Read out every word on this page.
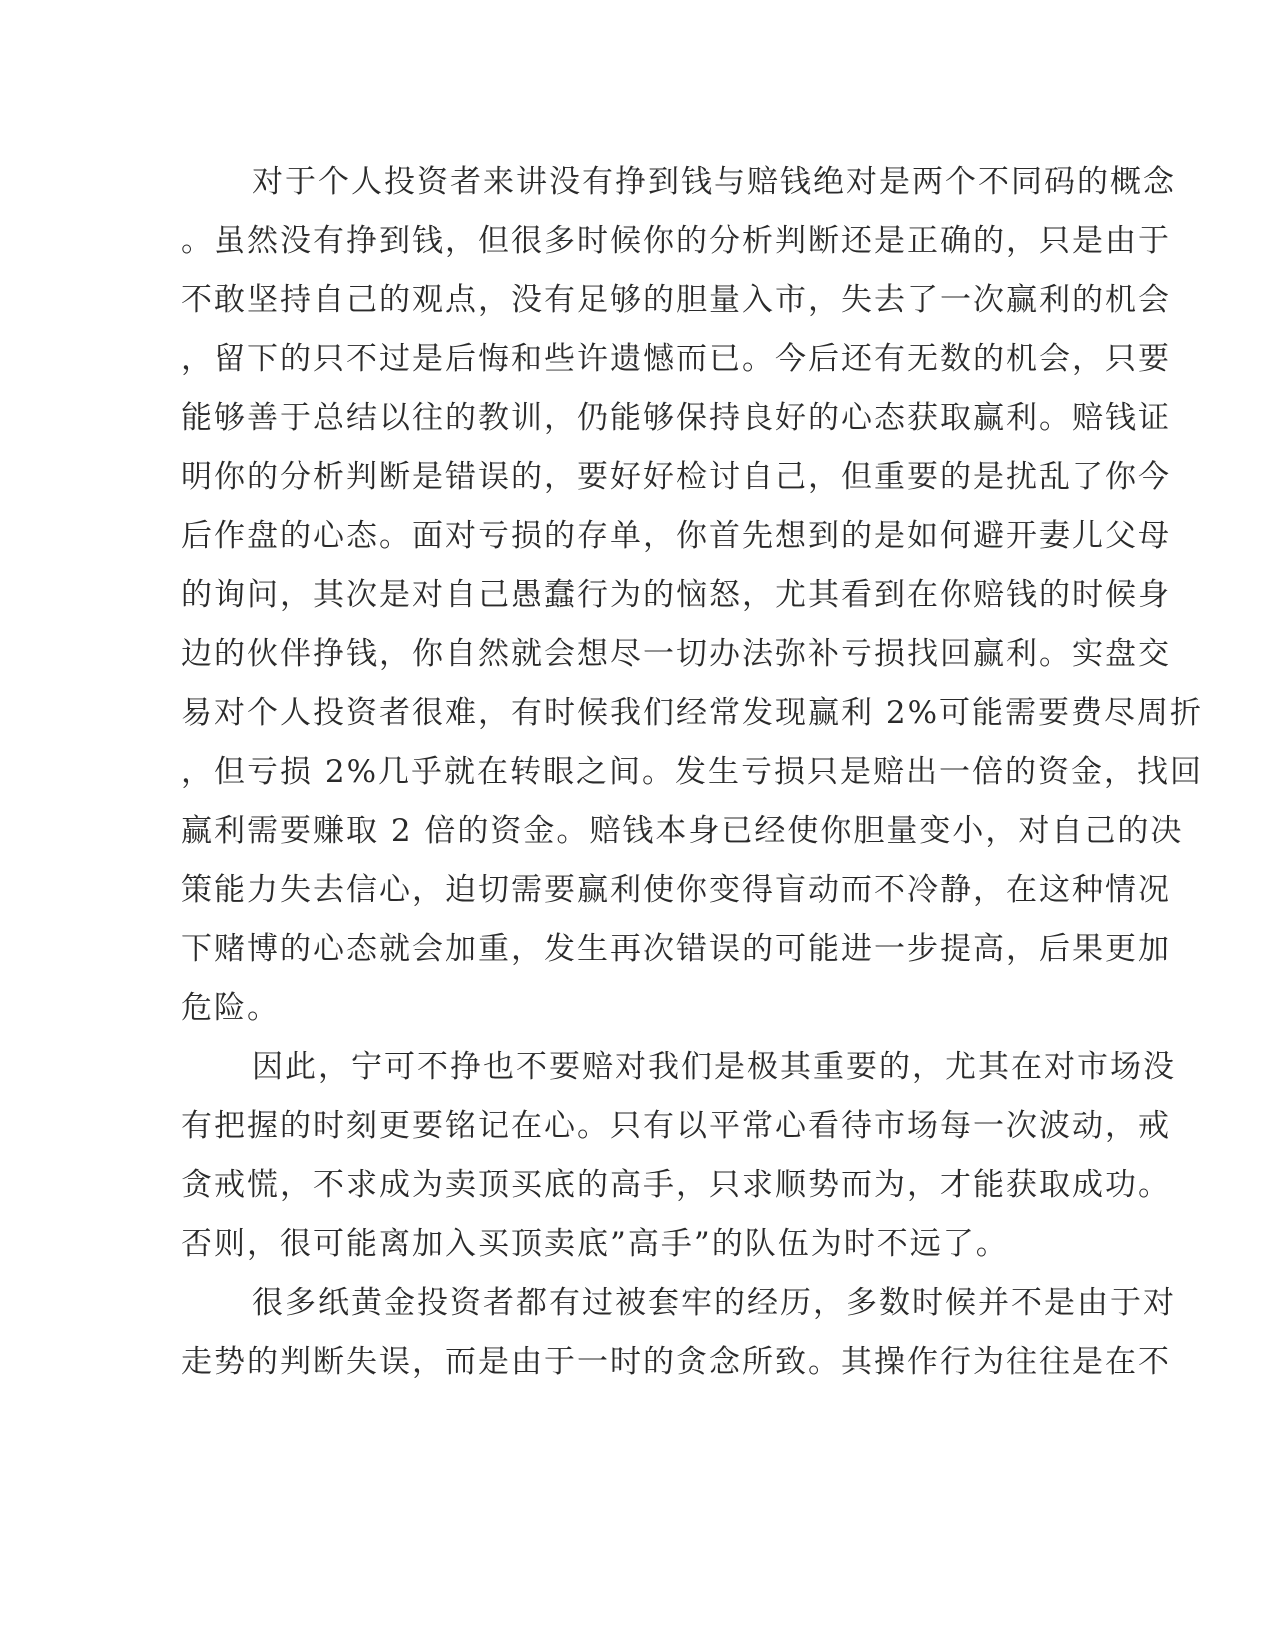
对于个人投资者来讲没有挣到钱与赔钱绝对是两个不同码的概念
。虽然没有挣到钱，但很多时候你的分析判断还是正确的，只是由于
不敢坚持自己的观点，没有足够的胆量入市，失去了一次赢利的机会
，留下的只不过是后悔和些许遗憾而已。今后还有无数的机会，只要
能够善于总结以往的教训，仍能够保持良好的心态获取赢利。赔钱证
明你的分析判断是错误的，要好好检讨自己，但重要的是扰乱了你今
后作盘的心态。面对亏损的存单，你首先想到的是如何避开妻儿父母
的询问，其次是对自己愚蠢行为的恼怒，尤其看到在你赔钱的时候身
边的伙伴挣钱，你自然就会想尽一切办法弥补亏损找回赢利。实盘交
易对个人投资者很难，有时候我们经常发现赢利 2%可能需要费尽周折
，但亏损 2%几乎就在转眼之间。发生亏损只是赔出一倍的资金，找回
赢利需要赚取 2 倍的资金。赔钱本身已经使你胆量变小，对自己的决
策能力失去信心，迫切需要赢利使你变得盲动而不冷静，在这种情况
下赌博的心态就会加重，发生再次错误的可能进一步提高，后果更加
危险。
因此，宁可不挣也不要赔对我们是极其重要的，尤其在对市场没
有把握的时刻更要铭记在心。只有以平常心看待市场每一次波动，戒
贪戒慌，不求成为卖顶买底的高手，只求顺势而为，才能获取成功。
否则，很可能离加入买顶卖底”高手”的队伍为时不远了。
很多纸黄金投资者都有过被套牢的经历，多数时候并不是由于对
走势的判断失误，而是由于一时的贪念所致。其操作行为往往是在不
